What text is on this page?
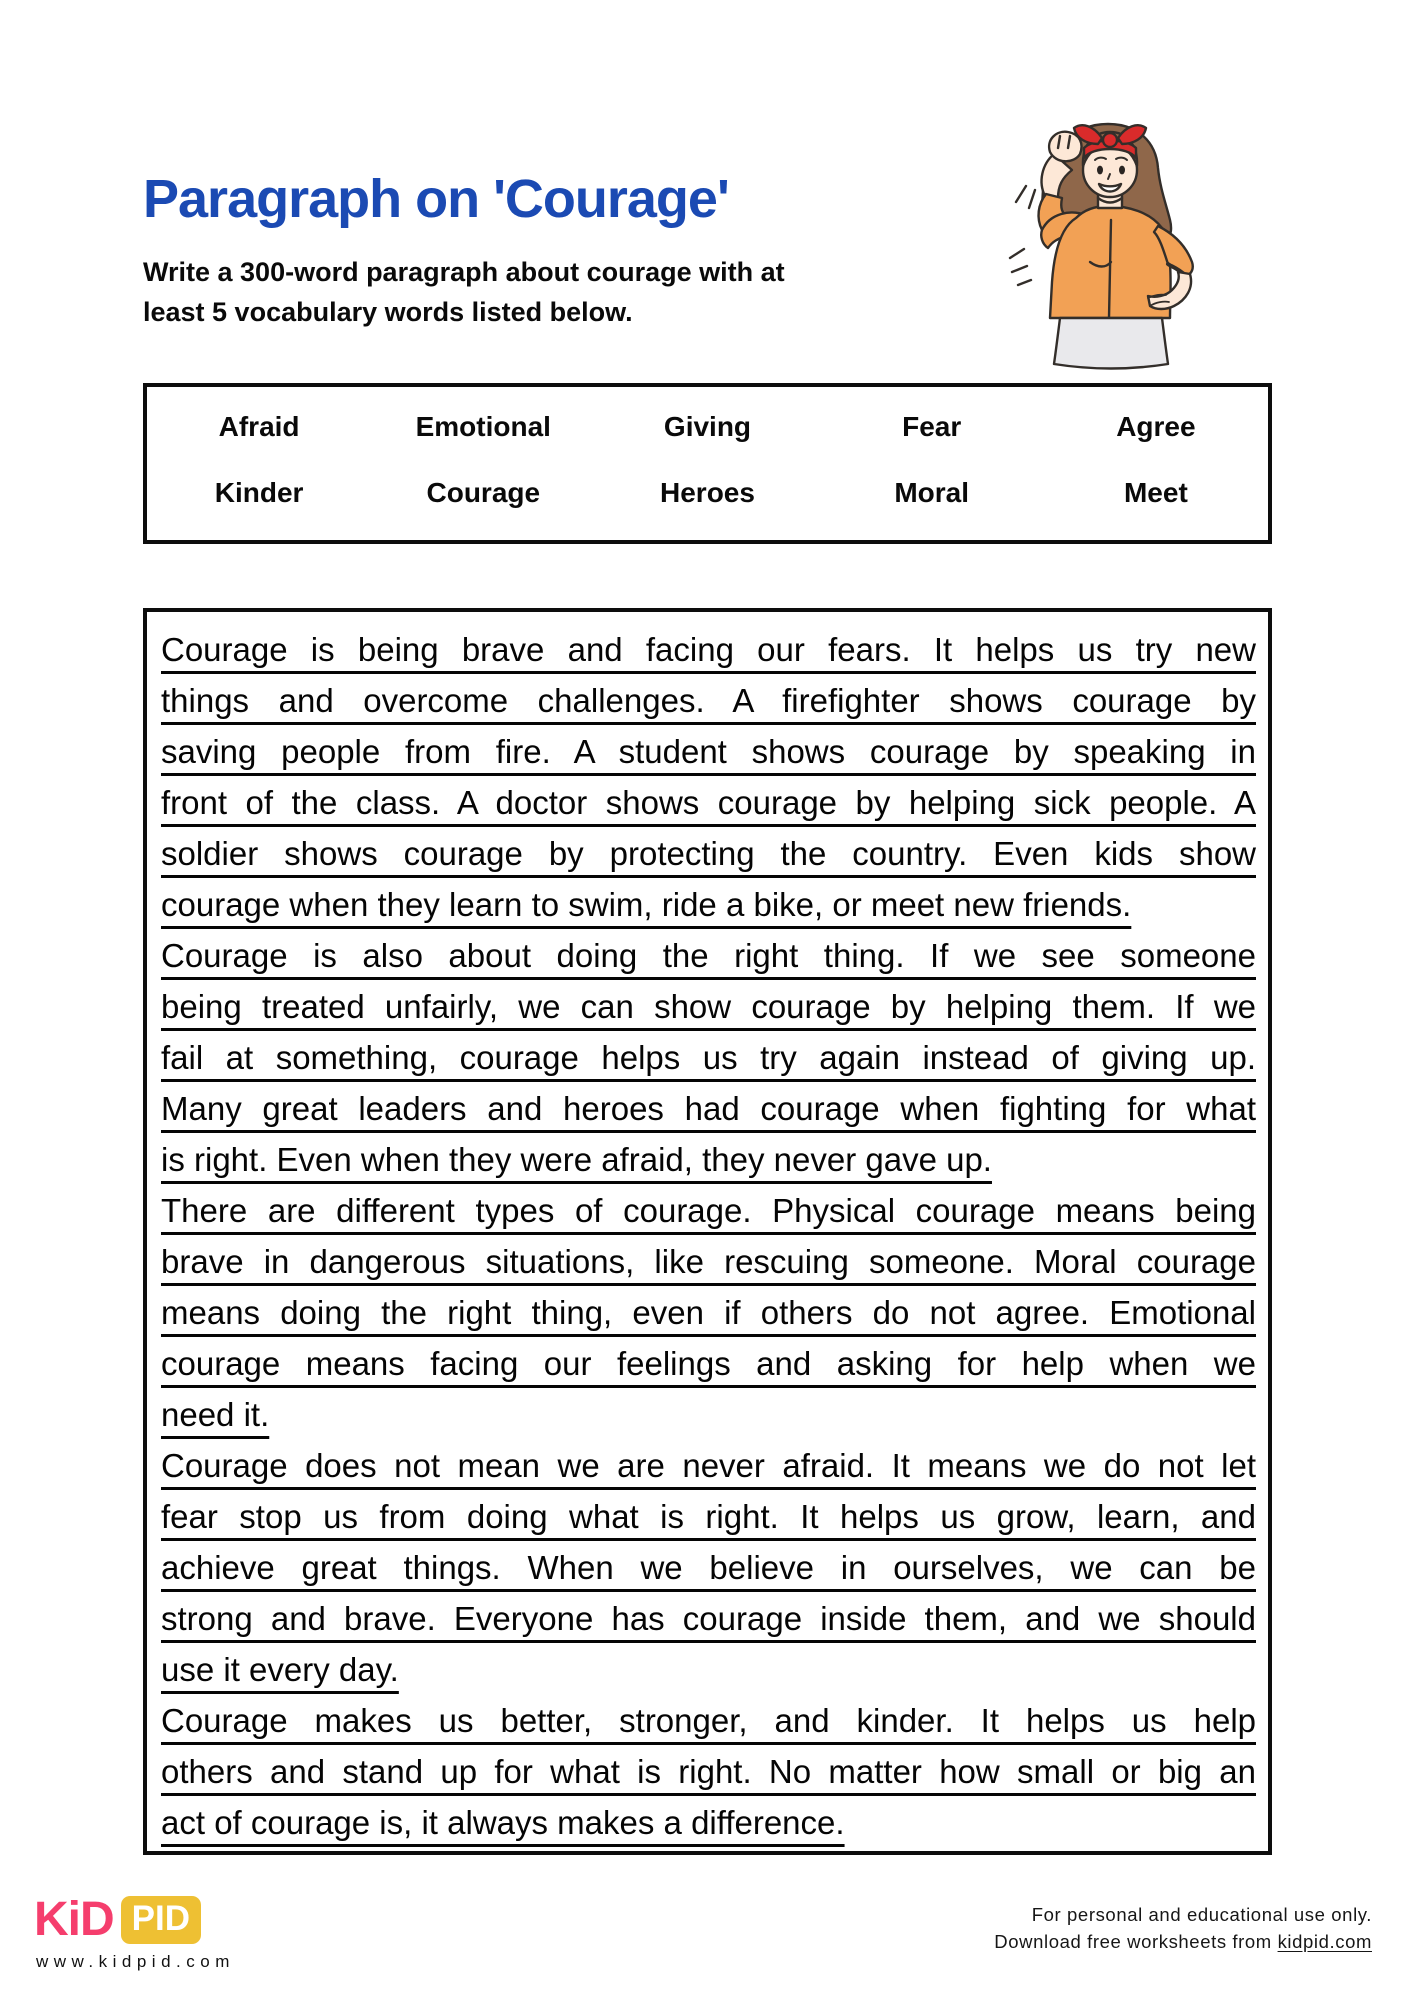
Paragraph on 'Courage'
Write a 300-word paragraph about courage with at
least 5 vocabulary words listed below.
Afraid	Emotional	Giving	Fear	Agree
Kinder	Courage	Heroes	Moral	Meet
Courage is being brave and facing our fears. It helps us try new
things and overcome challenges. A firefighter shows courage by
saving people from fire. A student shows courage by speaking in
front of the class. A doctor shows courage by helping sick people. A
soldier shows courage by protecting the country. Even kids show
courage when they learn to swim, ride a bike, or meet new friends.
Courage is also about doing the right thing. If we see someone
being treated unfairly, we can show courage by helping them. If we
fail at something, courage helps us try again instead of giving up.
Many great leaders and heroes had courage when fighting for what
is right. Even when they were afraid, they never gave up.
There are different types of courage. Physical courage means being
brave in dangerous situations, like rescuing someone. Moral courage
means doing the right thing, even if others do not agree. Emotional
courage means facing our feelings and asking for help when we
need it.
Courage does not mean we are never afraid. It means we do not let
fear stop us from doing what is right. It helps us grow, learn, and
achieve great things. When we believe in ourselves, we can be
strong and brave. Everyone has courage inside them, and we should
use it every day.
Courage makes us better, stronger, and kinder. It helps us help
others and stand up for what is right. No matter how small or big an
act of courage is, it always makes a difference.
KiD PID
www.kidpid.com
For personal and educational use only.
Download free worksheets from kidpid.com
